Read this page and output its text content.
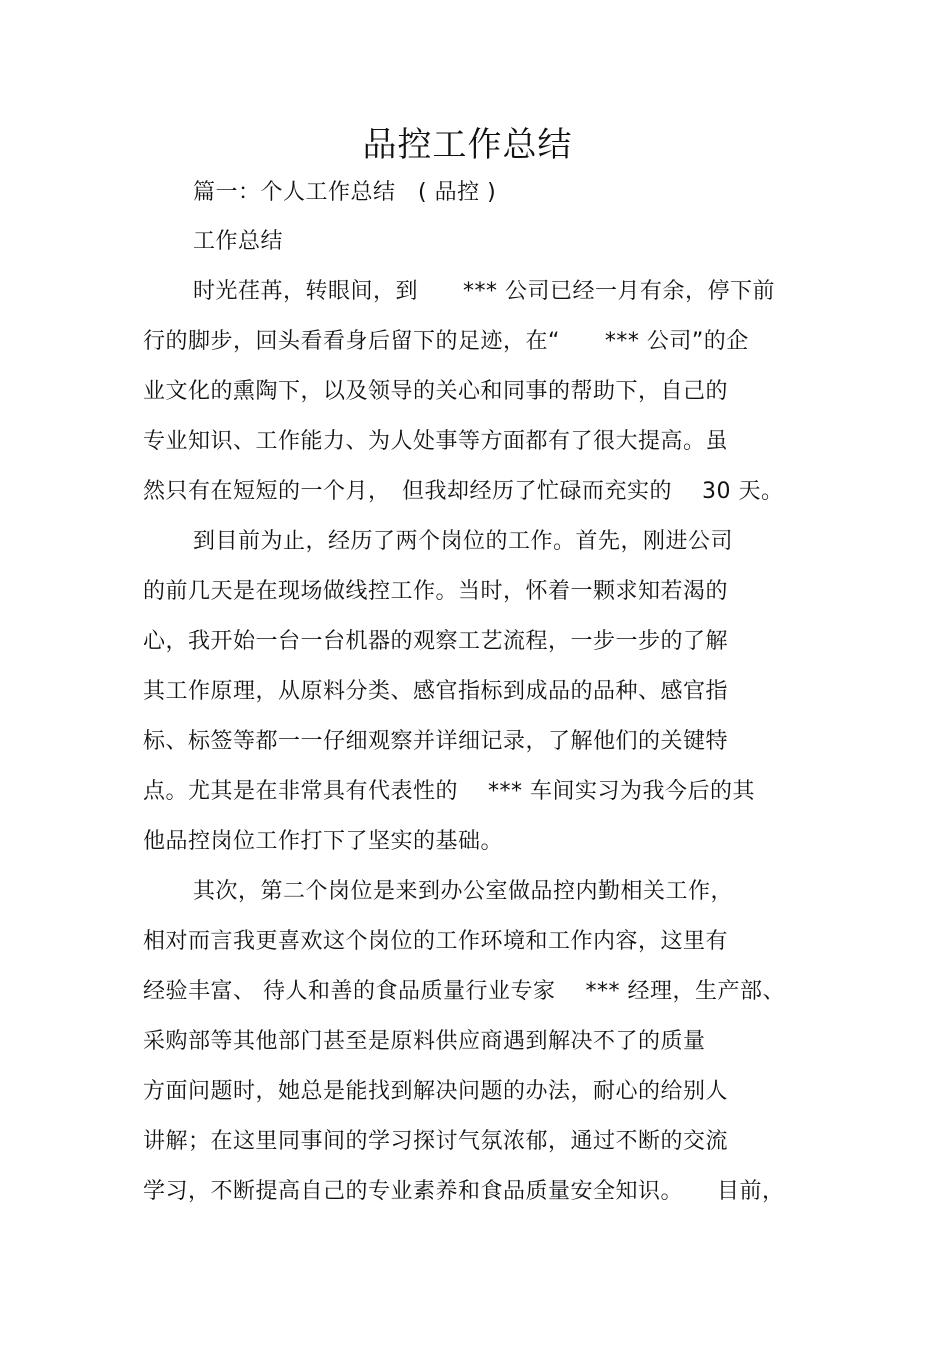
品控工作总结
篇一：个人工作总结　( 品控 )
工作总结
时光荏苒，转眼间，到　　*** 公司已经一月有余，停下前
行的脚步，回头看看身后留下的足迹，在“　　*** 公司”的企
业文化的熏陶下，以及领导的关心和同事的帮助下，自己的
专业知识、工作能力、为人处事等方面都有了很大提高。虽
然只有在短短的一个月，　但我却经历了忙碌而充实的　 30 天。
到目前为止，经历了两个岗位的工作。首先，刚进公司
的前几天是在现场做线控工作。当时，怀着一颗求知若渴的
心，我开始一台一台机器的观察工艺流程，一步一步的了解
其工作原理，从原料分类、感官指标到成品的品种、感官指
标、标签等都一一仔细观察并详细记录，了解他们的关键特
点。尤其是在非常具有代表性的　 *** 车间实习为我今后的其
他品控岗位工作打下了坚实的基础。
其次，第二个岗位是来到办公室做品控内勤相关工作，
相对而言我更喜欢这个岗位的工作环境和工作内容，这里有
经验丰富、 待人和善的食品质量行业专家　 *** 经理，生产部、
采购部等其他部门甚至是原料供应商遇到解决不了的质量
方面问题时，她总是能找到解决问题的办法，耐心的给别人
讲解；在这里同事间的学习探讨气氛浓郁，通过不断的交流
学习，不断提高自己的专业素养和食品质量安全知识。　　目前，
